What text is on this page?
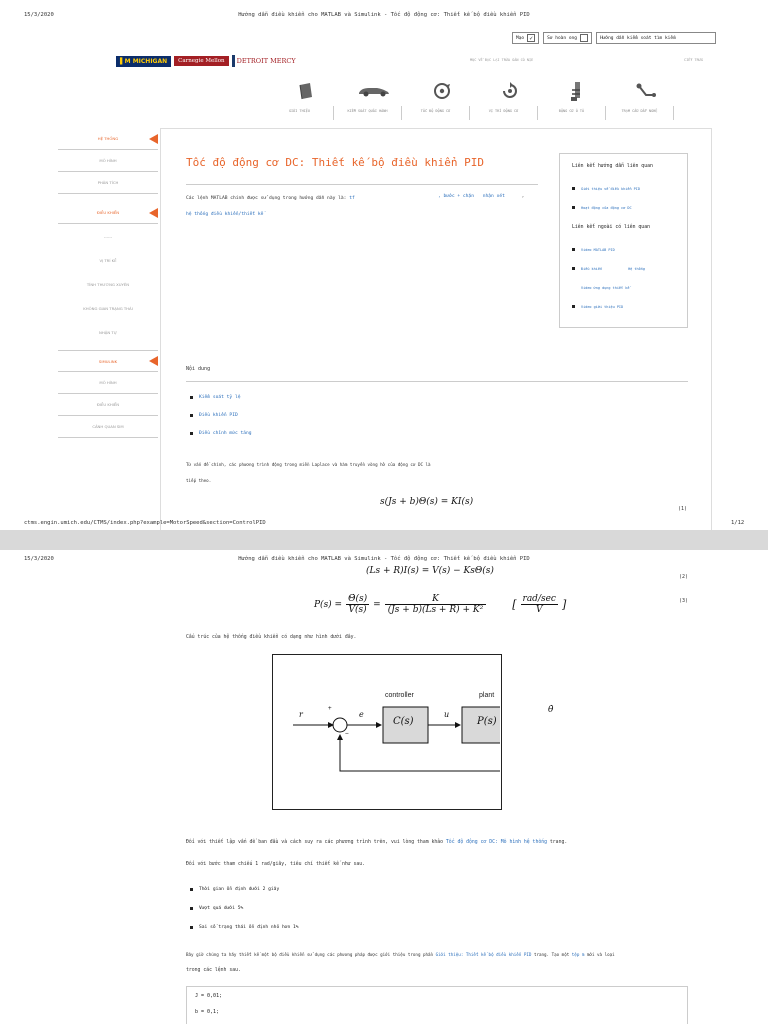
15/3/2020	Hướng dẫn điều khiển cho MATLAB và Simulink - Tốc độ động cơ: Thiết kế bộ điều khiển PID
Mạo ✓	Sơ hoàn ong	Hướng dẫn kiểm soát tìm kiếm
▌M MICHIGAN	Carnegie Mellon	DETROIT MERCY	MỤC VỀ BẠC LẠI TRỪA GÀN CÓ NỊE	CIỂY TRƯG
GIỚI THIỆU	KIỂM SOÁT QUẢI HÀNH	TỐC ĐỘ ĐỘNG CƠ	VỊ TRÍ ĐỘNG CƠ	ĐỘNG CƠ Ô TÔ	TRẠM CẦU DẪY NGHỆ
HỆ THỐNG
MÔ HÌNH
PHÂN TÍCH
ĐIỀU KHIỂN
------
VỊ TRÍ KỀ
TÍNH THƯƠNG XUYÊN
KHÔNG GIAN TRẠNG THÁI
NHẬN TỰ
SIMULINK
MÔ HÌNH
ĐIỀU KHIỂN
CẢNH QUAN SIM
Tốc độ động cơ DC: Thiết kế bộ điều khiển PID
Các lệnh MATLAB chính được sử dụng trong hướng dẫn này là: tf	, bước + chặn nhận xét	,
hệ thống điều khiển/thiết kế
Liên kết hướng dẫn liên quan
Giới thiệu về điều khiển PID
Hoạt động của động cơ DC
Liên kết ngoài có liên quan
Video MATLAB PID
Điều khiển	Hệ thống
Video ứng dụng thiết kế
Video giới thiệu PID
Nội dung
Kiểm soát tỷ lệ
Điều khiển PID
Điều chỉnh mức tăng
Từ vấn đề chính, các phương trình động trong miền Laplace và hàm truyền vòng hở của động cơ DC là
tiếp theo.
s(Js + b)Θ(s) = KI(s)
(1)
ctms.engin.umich.edu/CTMS/index.php?example=MotorSpeed&section=ControlPID	1/12
15/3/2020	Hướng dẫn điều khiển cho MATLAB và Simulink - Tốc độ động cơ: Thiết kế bộ điều khiển PID
(Ls + R)I(s) = V(s) − KsΘ(s)
(2)
$P(s) = \frac{\Thetȧ(s)}{V(s)} = \frac{K}{\text{(Js + b)(Ls + R) + K²}}$ [ rad/sec
V ]	(3)
Cấu trúc của hệ thống điều khiển có dạng như hình dưới đây.
r
+
−
e
controller
C(s)
u
plant
P(s)
θ̇
Đối với thiết lập vấn đề ban đầu và cách suy ra các phương trình trên, vui lòng tham khảo Tốc độ động cơ DC: Mô hình hệ thống trang.
Đối với bước tham chiếu 1 rad/giây, tiêu chí thiết kế như sau.
Thời gian ổn định dưới 2 giây
Vượt quá dưới 5%
Sai số trạng thái ổn định nhỏ hơn 1%
Bây giờ chúng ta hãy thiết kế một bộ điều khiển sử dụng các phương pháp được giới thiệu trong phần Giới thiệu: Thiết kế bộ điều khiển PID trang. Tạo một tệp m mới và loại
trong các lệnh sau.
J = 0,01;
b = 0,1;
